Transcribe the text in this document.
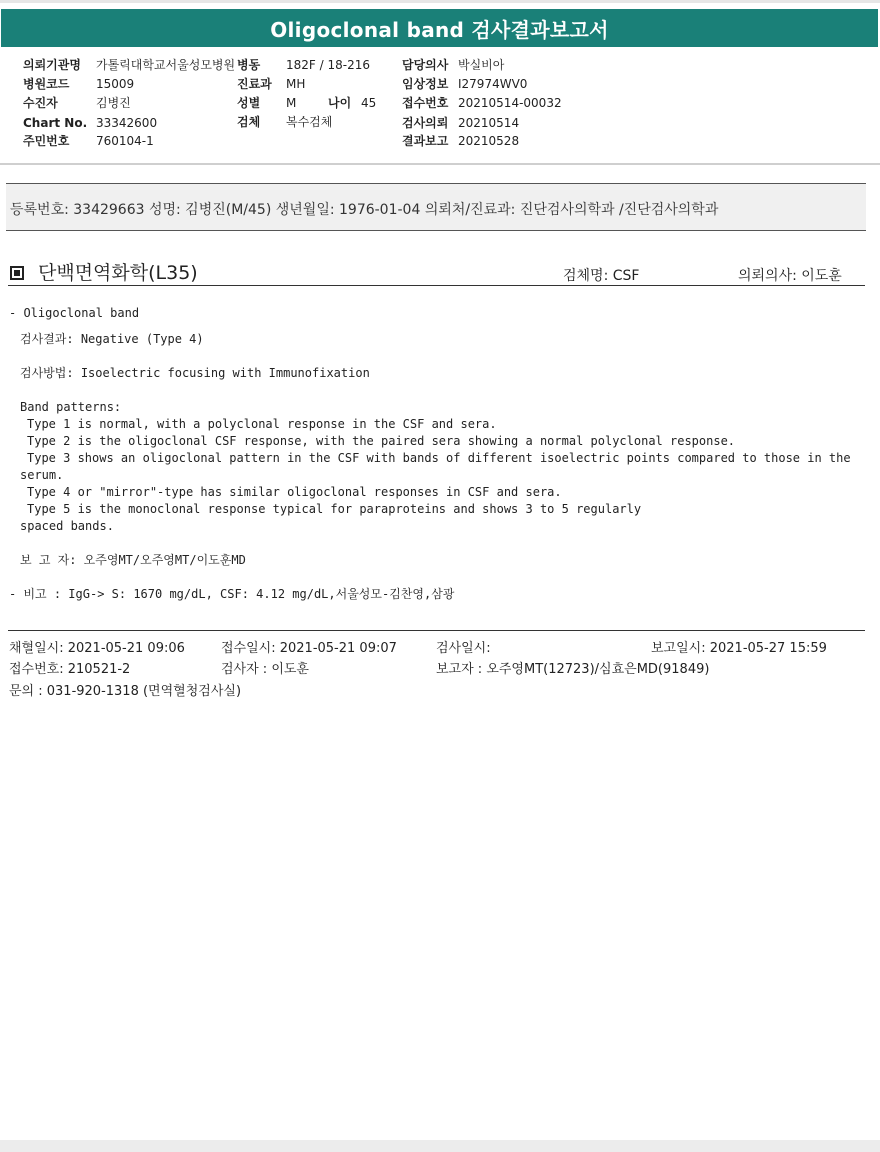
Oligoclonal band 검사결과보고서
의뢰기관명 가톨릭대학교서울성모병원 병동 182F / 18-216	담당의사 박실비아
병원코드 15009	진료과 MH	임상정보 I27974WV0
수진자	김병진	성별 M	나이 45 접수번호 20210514-00032
Chart No. 33342600	검체 복수검체	검사의뢰 20210514
주민번호 760104-1	결과보고 20210528
등록번호: 33429663 성명: 김병진(M/45) 생년월일: 1976-01-04 의뢰처/진료과: 진단검사의학과 /진단검사의학과
단백면역화학(L35)	검체명: CSF	의뢰의사: 이도훈
- Oligoclonal band
검사결과: Negative (Type 4)
검사방법: Isoelectric focusing with Immunofixation
Band patterns:
Type 1 is normal, with a polyclonal response in the CSF and sera.
Type 2 is the oligoclonal CSF response, with the paired sera showing a normal polyclonal response.
Type 3 shows an oligoclonal pattern in the CSF with bands of different isoelectric points compared to those in the
serum.
Type 4 or "mirror"-type has similar oligoclonal responses in CSF and sera.
Type 5 is the monoclonal response typical for paraproteins and shows 3 to 5 regularly
spaced bands.
보 고 자: 오주영MT/오주영MT/이도훈MD
- 비고 : IgG-> S: 1670 mg/dL, CSF: 4.12 mg/dL,서울성모-김찬영,삼광
채혈일시: 2021-05-21 09:06	접수일시: 2021-05-21 09:07	검사일시:	보고일시: 2021-05-27 15:59
접수번호: 210521-2	검사자 : 이도훈	보고자 : 오주영MT(12723)/심효은MD(91849)
문의 : 031-920-1318 (면역혈청검사실)
